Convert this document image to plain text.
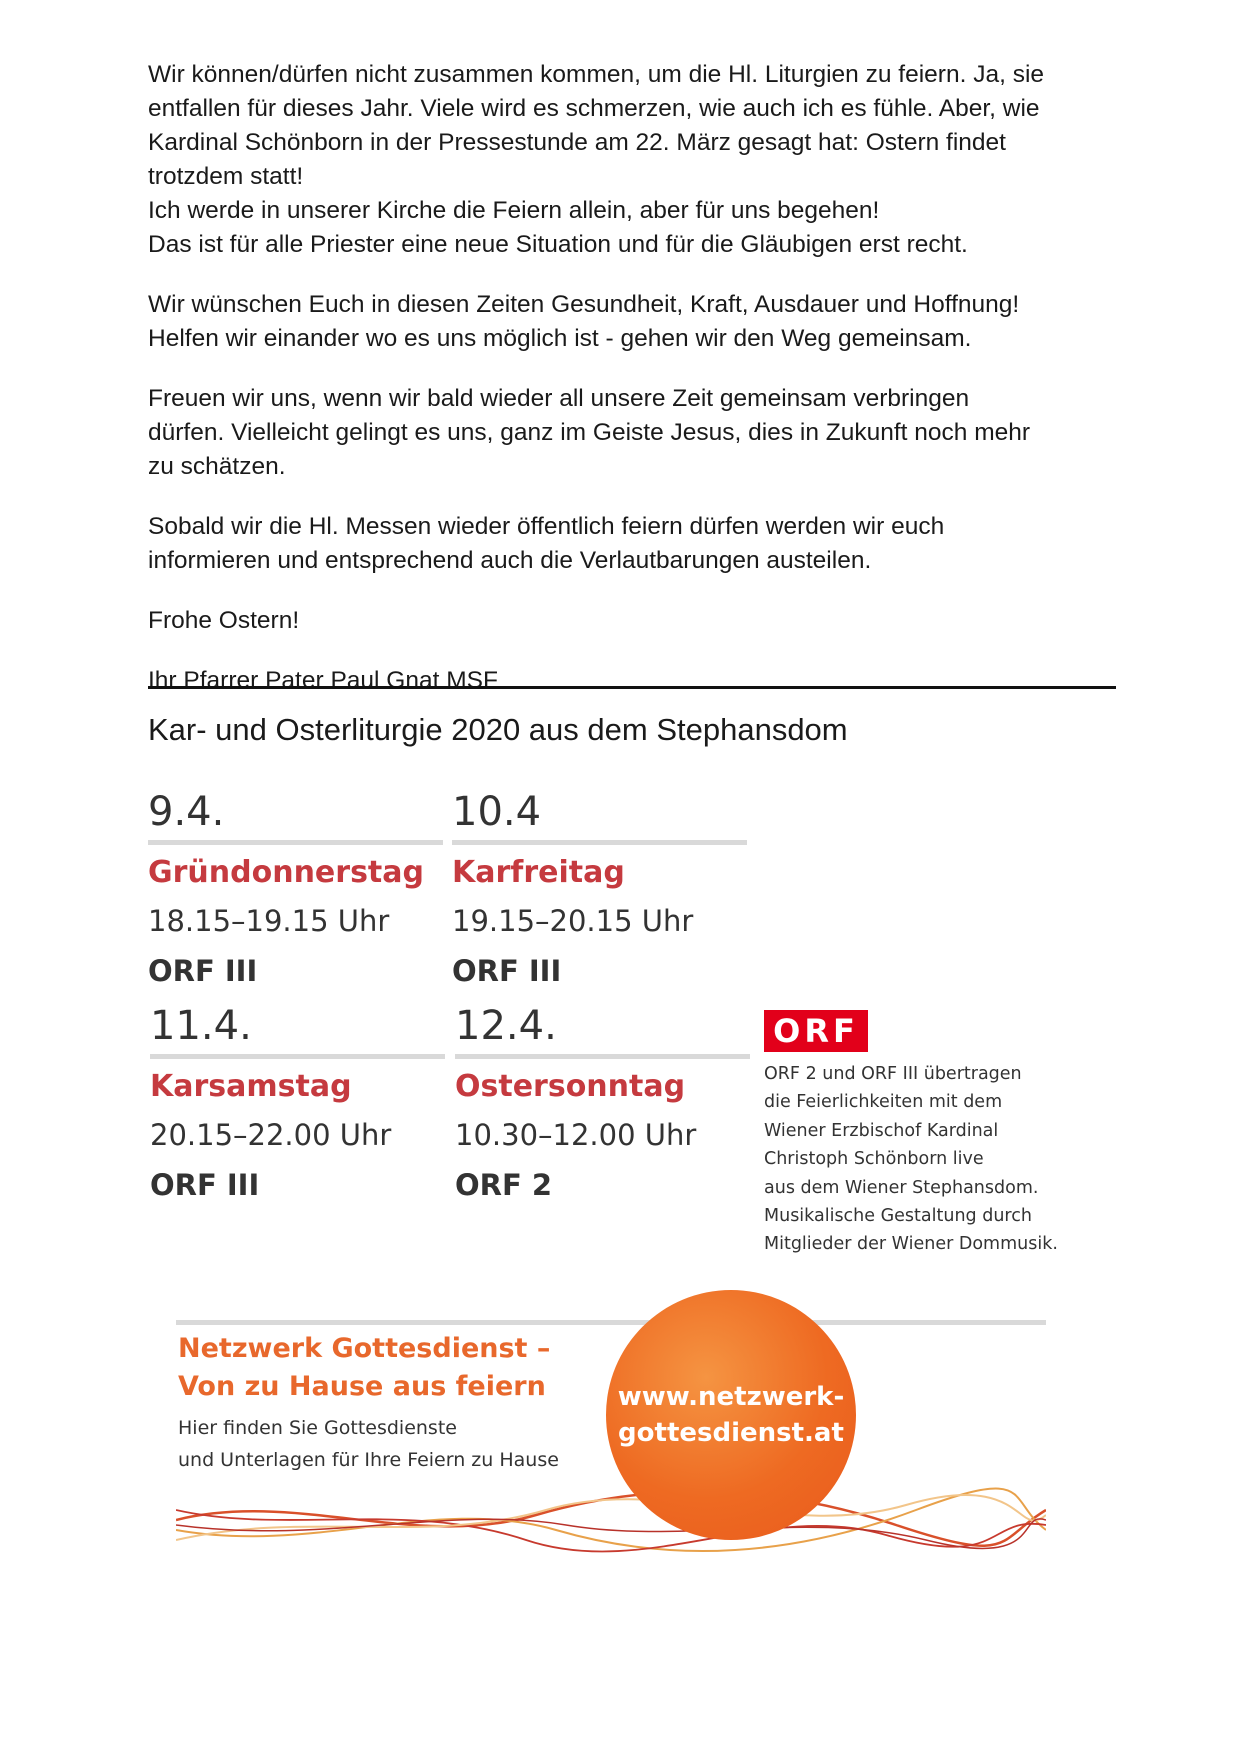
Wir können/dürfen nicht zusammen kommen, um die Hl. Liturgien zu feiern. Ja, sie
entfallen für dieses Jahr. Viele wird es schmerzen, wie auch ich es fühle. Aber, wie
Kardinal Schönborn in der Pressestunde am 22. März gesagt hat: Ostern findet
trotzdem statt!
Ich werde in unserer Kirche die Feiern allein, aber für uns begehen!
Das ist für alle Priester eine neue Situation und für die Gläubigen erst recht.

Wir wünschen Euch in diesen Zeiten Gesundheit, Kraft, Ausdauer und Hoffnung!
Helfen wir einander wo es uns möglich ist - gehen wir den Weg gemeinsam.

Freuen wir uns, wenn wir bald wieder all unsere Zeit gemeinsam verbringen
dürfen. Vielleicht gelingt es uns, ganz im Geiste Jesus, dies in Zukunft noch mehr
zu schätzen.

Sobald wir die Hl. Messen wieder öffentlich feiern dürfen werden wir euch
informieren und entsprechend auch die Verlautbarungen austeilen.

Frohe Ostern!

Ihr Pfarrer Pater Paul Gnat MSF

Kar- und Osterliturgie 2020 aus dem Stephansdom
9.4.
Gründonnerstag
18.15–19.15 Uhr
ORF III
10.4
Karfreitag
19.15–20.15 Uhr
ORF III
11.4.
Karsamstag
20.15–22.00 Uhr
ORF III
12.4.
Ostersonntag
10.30–12.00 Uhr
ORF 2
ORF
ORF 2 und ORF III übertragen
die Feierlichkeiten mit dem
Wiener Erzbischof Kardinal
Christoph Schönborn live
aus dem Wiener Stephansdom.
Musikalische Gestaltung durch
Mitglieder der Wiener Dommusik.
Netzwerk Gottesdienst –
Von zu Hause aus feiern
Hier finden Sie Gottesdienste
und Unterlagen für Ihre Feiern zu Hause
www.netzwerk-
gottesdienst.at
